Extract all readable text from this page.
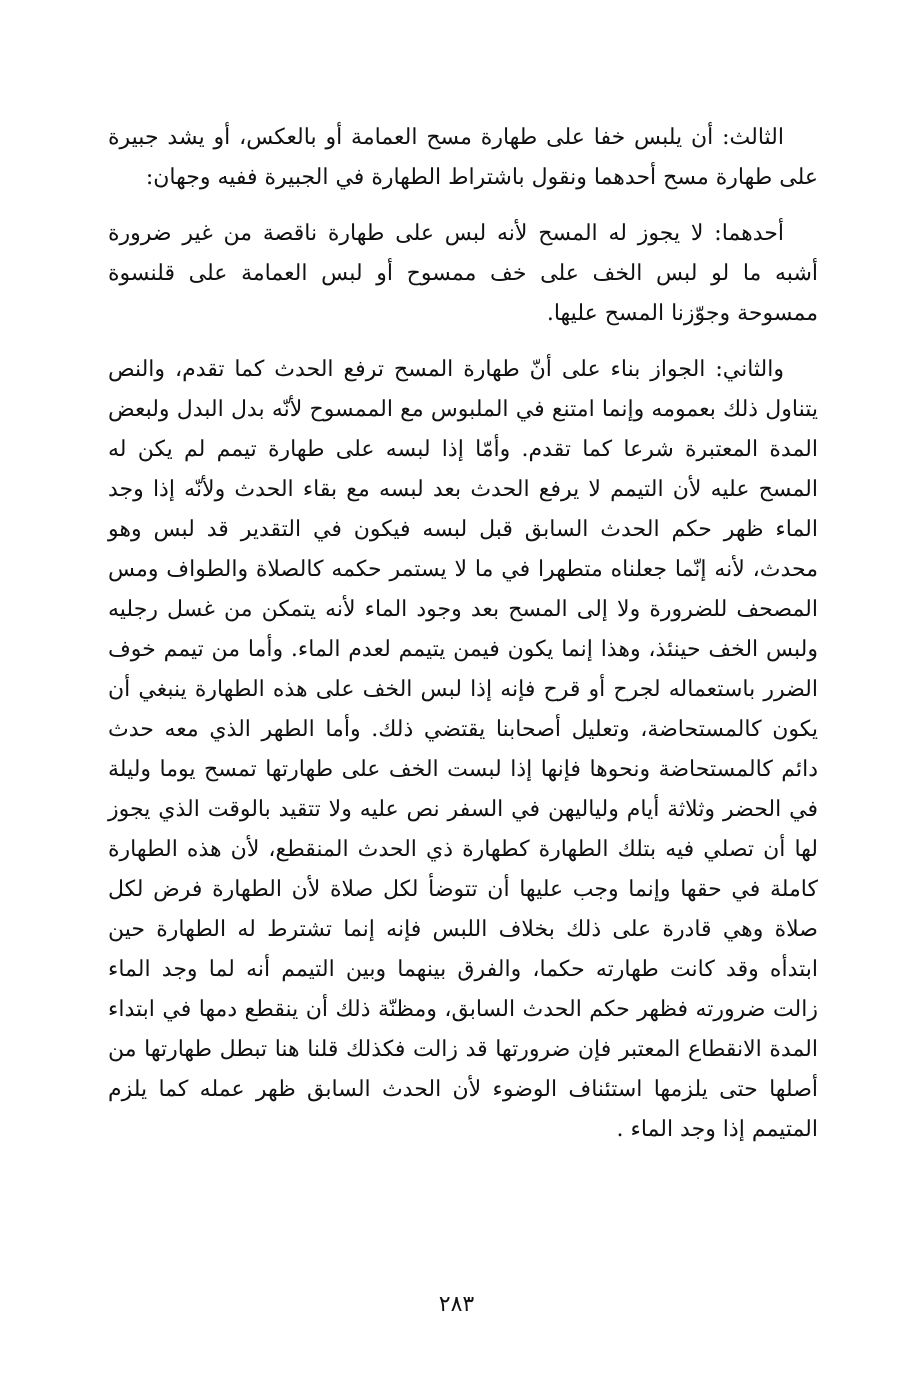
الثالث: أن يلبس خفا على طهارة مسح العمامة أو بالعكس، أو يشد جبيرة على طهارة مسح أحدهما ونقول باشتراط الطهارة في الجبيرة ففيه وجهان:

أحدهما: لا يجوز له المسح لأنه لبس على طهارة ناقصة من غير ضرورة أشبه ما لو لبس الخف على خف ممسوح أو لبس العمامة على قلنسوة ممسوحة وجوّزنا المسح عليها.

والثاني: الجواز بناء على أنّ طهارة المسح ترفع الحدث كما تقدم، والنص يتناول ذلك بعمومه وإنما امتنع في الملبوس مع الممسوح لأنّه بدل البدل ولبعض المدة المعتبرة شرعا كما تقدم. وأمّا إذا لبسه على طهارة تيمم لم يكن له المسح عليه لأن التيمم لا يرفع الحدث بعد لبسه مع بقاء الحدث ولأنّه إذا وجد الماء ظهر حكم الحدث السابق قبل لبسه فيكون في التقدير قد لبس وهو محدث، لأنه إنّما جعلناه متطهرا في ما لا يستمر حكمه كالصلاة والطواف ومس المصحف للضرورة ولا إلى المسح بعد وجود الماء لأنه يتمكن من غسل رجليه ولبس الخف حينئذ، وهذا إنما يكون فيمن يتيمم لعدم الماء. وأما من تيمم خوف الضرر باستعماله لجرح أو قرح فإنه إذا لبس الخف على هذه الطهارة ينبغي أن يكون كالمستحاضة، وتعليل أصحابنا يقتضي ذلك. وأما الطهر الذي معه حدث دائم كالمستحاضة ونحوها فإنها إذا لبست الخف على طهارتها تمسح يوما وليلة في الحضر وثلاثة أيام ولياليهن في السفر نص عليه ولا تتقيد بالوقت الذي يجوز لها أن تصلي فيه بتلك الطهارة كطهارة ذي الحدث المنقطع، لأن هذه الطهارة كاملة في حقها وإنما وجب عليها أن تتوضأ لكل صلاة لأن الطهارة فرض لكل صلاة وهي قادرة على ذلك بخلاف اللبس فإنه إنما تشترط له الطهارة حين ابتدأه وقد كانت طهارته حكما، والفرق بينهما وبين التيمم أنه لما وجد الماء زالت ضرورته فظهر حكم الحدث السابق، ومظنّة ذلك أن ينقطع دمها في ابتداء المدة الانقطاع المعتبر فإن ضرورتها قد زالت فكذلك قلنا هنا تبطل طهارتها من أصلها حتى يلزمها استئناف الوضوء لأن الحدث السابق ظهر عمله كما يلزم المتيمم إذا وجد الماء .

٢٨٣
